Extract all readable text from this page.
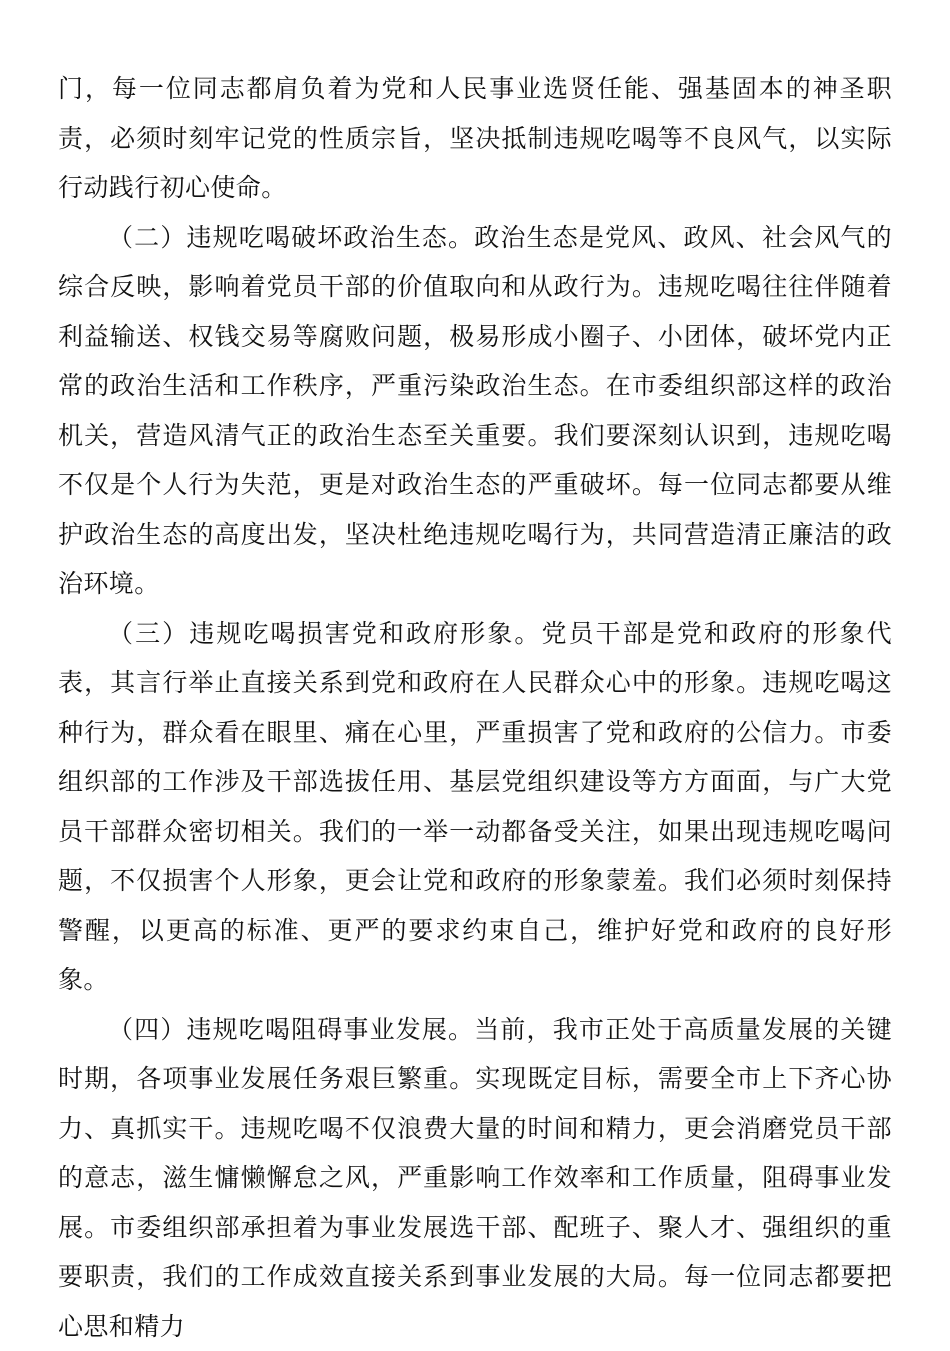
门，每一位同志都肩负着为党和人民事业选贤任能、强基固本的神圣职责，必须时刻牢记党的性质宗旨，坚决抵制违规吃喝等不良风气，以实际行动践行初心使命。

（二）违规吃喝破坏政治生态。政治生态是党风、政风、社会风气的综合反映，影响着党员干部的价值取向和从政行为。违规吃喝往往伴随着利益输送、权钱交易等腐败问题，极易形成小圈子、小团体，破坏党内正常的政治生活和工作秩序，严重污染政治生态。在市委组织部这样的政治机关，营造风清气正的政治生态至关重要。我们要深刻认识到，违规吃喝不仅是个人行为失范，更是对政治生态的严重破坏。每一位同志都要从维护政治生态的高度出发，坚决杜绝违规吃喝行为，共同营造清正廉洁的政治环境。

（三）违规吃喝损害党和政府形象。党员干部是党和政府的形象代表，其言行举止直接关系到党和政府在人民群众心中的形象。违规吃喝这种行为，群众看在眼里、痛在心里，严重损害了党和政府的公信力。市委组织部的工作涉及干部选拔任用、基层党组织建设等方方面面，与广大党员干部群众密切相关。我们的一举一动都备受关注，如果出现违规吃喝问题，不仅损害个人形象，更会让党和政府的形象蒙羞。我们必须时刻保持警醒，以更高的标准、更严的要求约束自己，维护好党和政府的良好形象。

（四）违规吃喝阻碍事业发展。当前，我市正处于高质量发展的关键时期，各项事业发展任务艰巨繁重。实现既定目标，需要全市上下齐心协力、真抓实干。违规吃喝不仅浪费大量的时间和精力，更会消磨党员干部的意志，滋生慵懒懈怠之风，严重影响工作效率和工作质量，阻碍事业发展。市委组织部承担着为事业发展选干部、配班子、聚人才、强组织的重要职责，我们的工作成效直接关系到事业发展的大局。每一位同志都要把心思和精力
